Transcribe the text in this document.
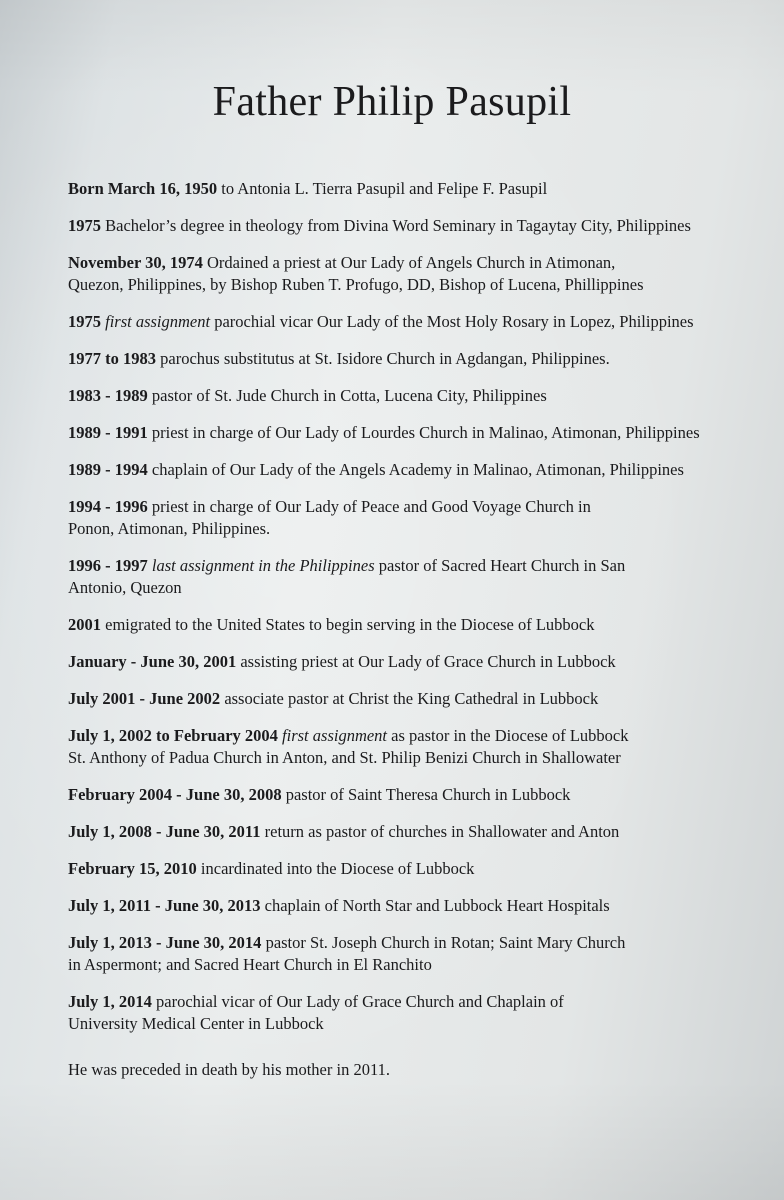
Father Philip Pasupil

Born March 16, 1950 to Antonia L. Tierra Pasupil and Felipe F. Pasupil

1975 Bachelor’s degree in theology from Divina Word Seminary in Tagaytay City, Philippines

November 30, 1974 Ordained a priest at Our Lady of Angels Church in Atimonan,
Quezon, Philippines, by Bishop Ruben T. Profugo, DD, Bishop of Lucena, Phillippines

1975 first assignment parochial vicar Our Lady of the Most Holy Rosary in Lopez, Philippines

1977 to 1983 parochus substitutus at St. Isidore Church in Agdangan, Philippines.

1983 - 1989 pastor of St. Jude Church in Cotta, Lucena City, Philippines

1989 - 1991 priest in charge of Our Lady of Lourdes Church in Malinao, Atimonan, Philippines

1989 - 1994 chaplain of Our Lady of the Angels Academy in Malinao, Atimonan, Philippines

1994 - 1996 priest in charge of Our Lady of Peace and Good Voyage Church in
Ponon, Atimonan, Philippines.

1996 - 1997 last assignment in the Philippines pastor of Sacred Heart Church in San
Antonio, Quezon

2001 emigrated to the United States to begin serving in the Diocese of Lubbock

January - June 30, 2001 assisting priest at Our Lady of Grace Church in Lubbock

July 2001 - June 2002 associate pastor at Christ the King Cathedral in Lubbock

July 1, 2002 to February 2004 first assignment as pastor in the Diocese of Lubbock
St. Anthony of Padua Church in Anton, and St. Philip Benizi Church in Shallowater

February 2004 - June 30, 2008 pastor of Saint Theresa Church in Lubbock

July 1, 2008 - June 30, 2011 return as pastor of churches in Shallowater and Anton

February 15, 2010 incardinated into the Diocese of Lubbock

July 1, 2011 - June 30, 2013 chaplain of North Star and Lubbock Heart Hospitals

July 1, 2013 - June 30, 2014 pastor St. Joseph Church in Rotan; Saint Mary Church
in Aspermont; and Sacred Heart Church in El Ranchito

July 1, 2014 parochial vicar of Our Lady of Grace Church and Chaplain of
University Medical Center in Lubbock

He was preceded in death by his mother in 2011.
